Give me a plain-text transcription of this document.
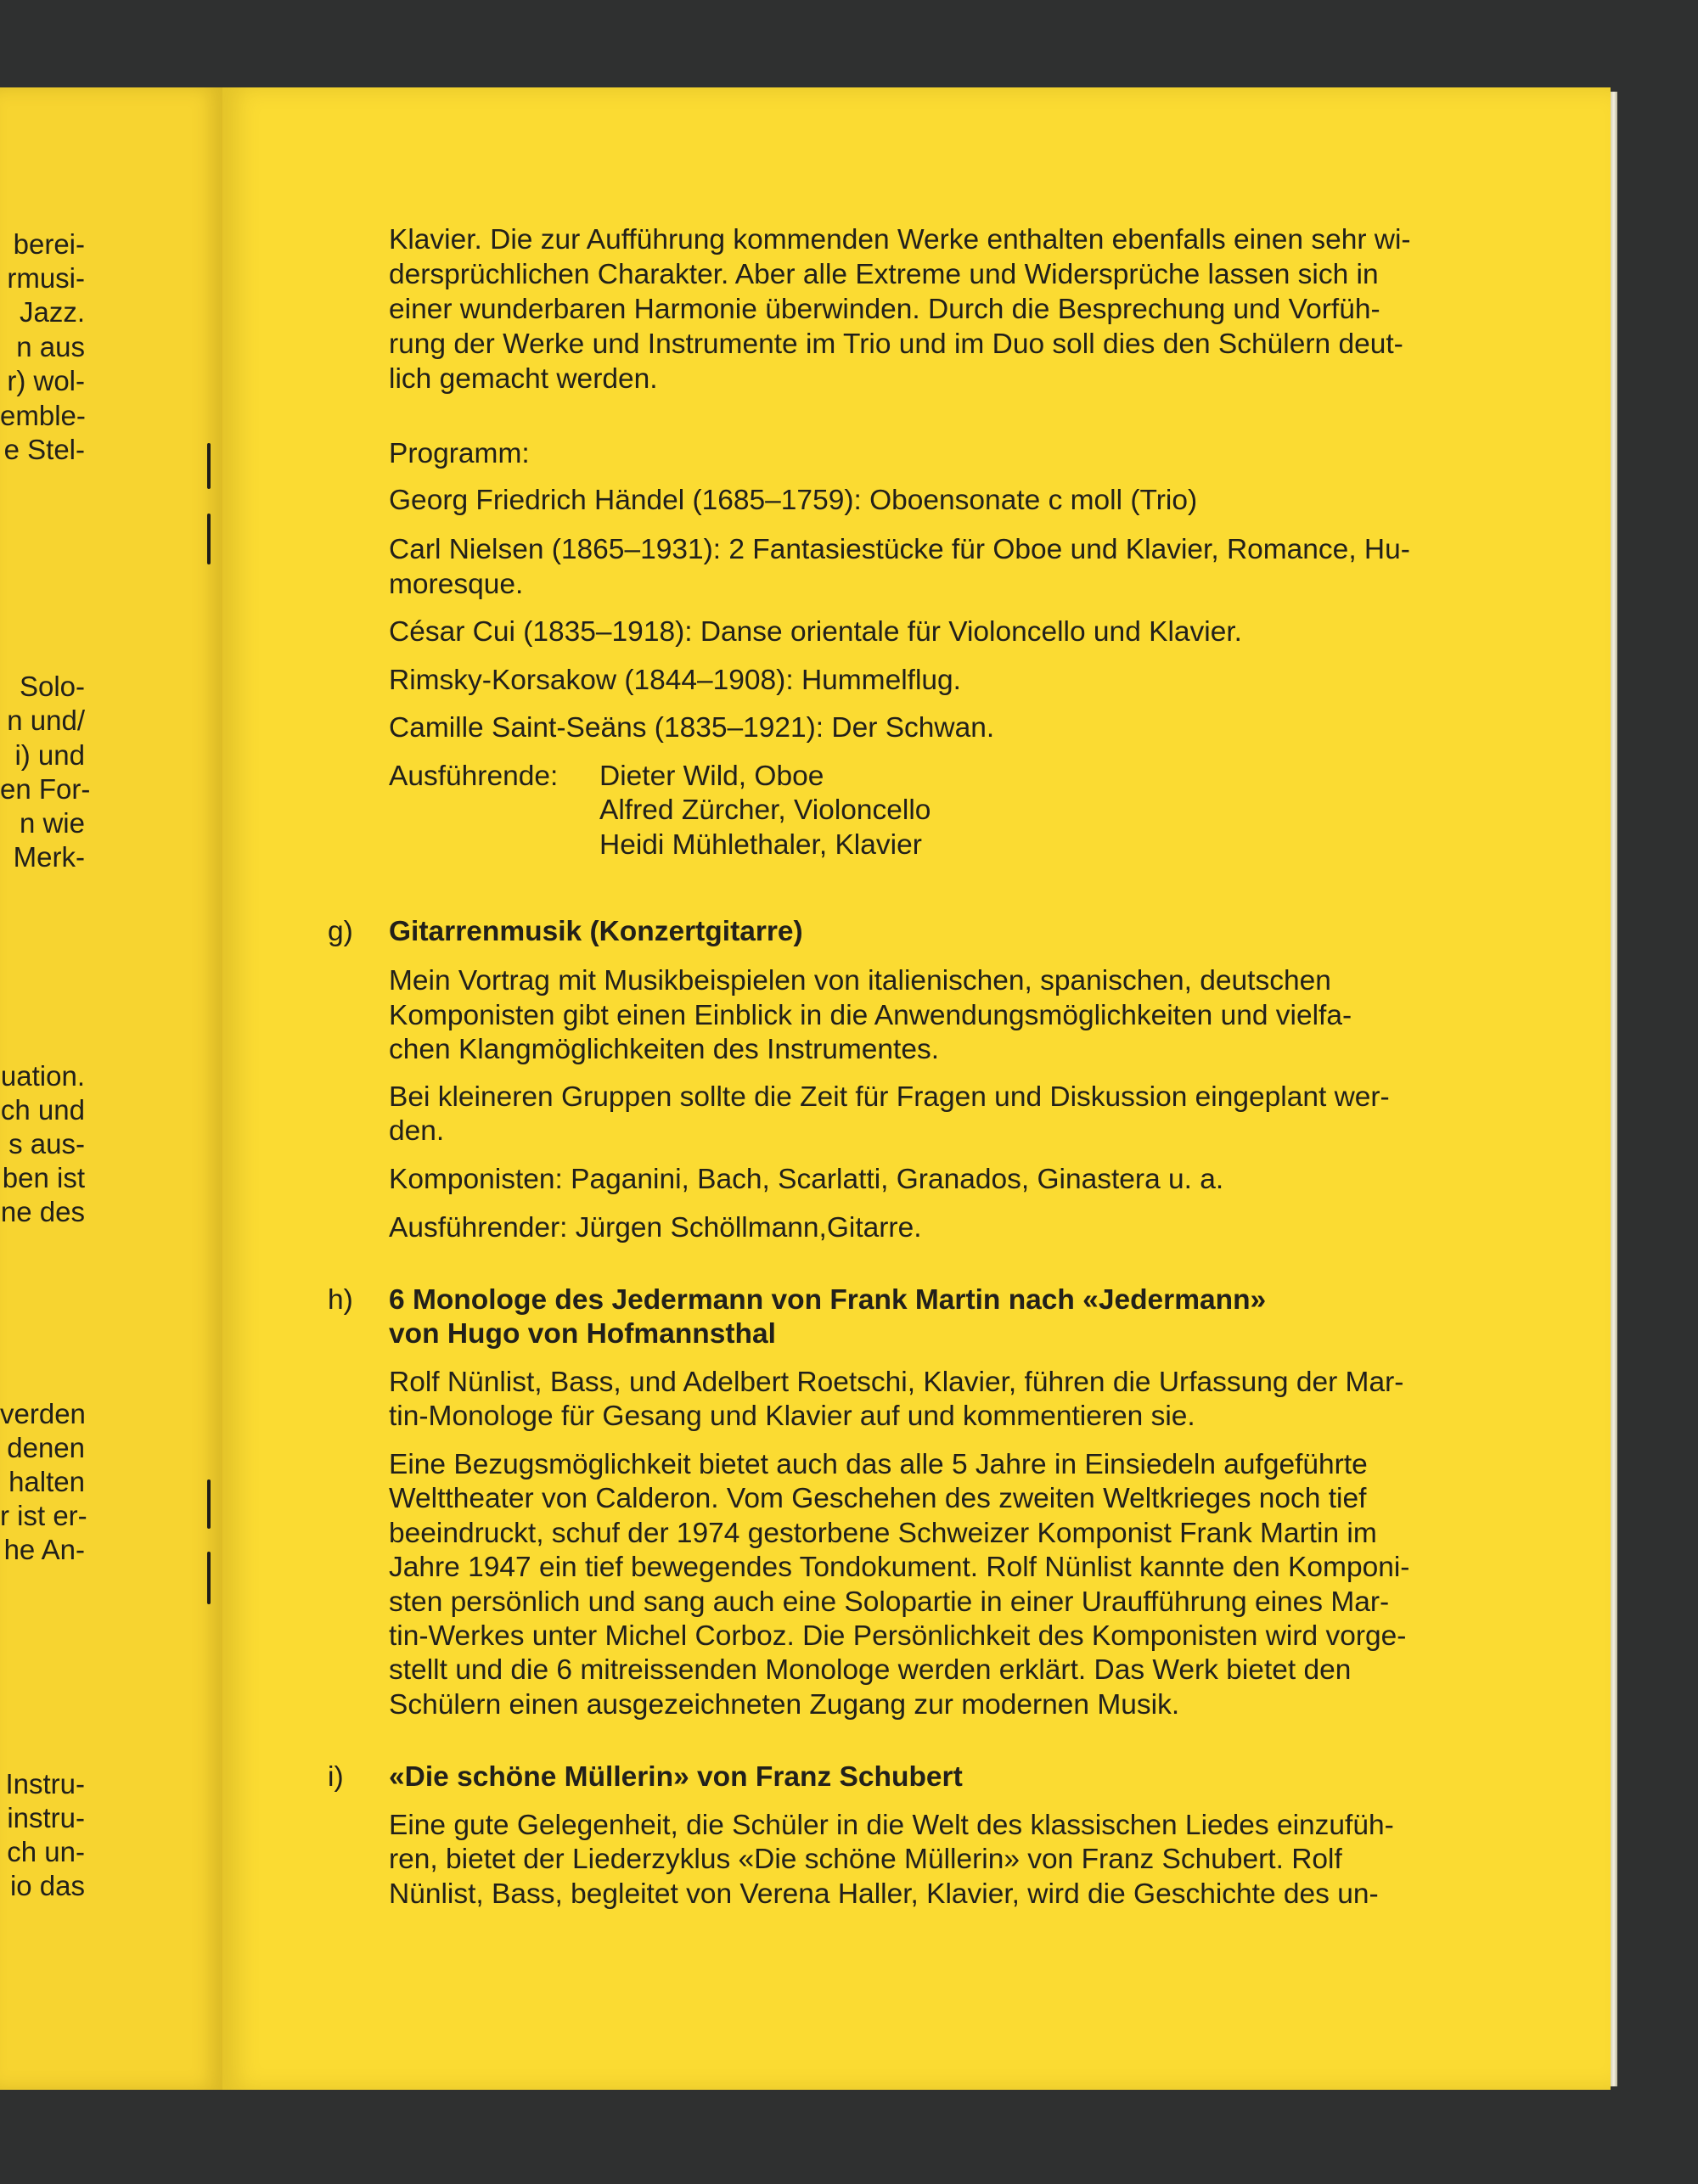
berei-
rmusi-
Jazz.
n aus
r) wol-
emble-
e Stel-
Solo-
n und/
i) und
en For-
n wie
Merk-
uation.
ch und
s aus-
ben ist
ne des
verden
denen
halten
r ist er-
he An-
Instru-
instru-
ch un-
io das
Klavier. Die zur Aufführung kommenden Werke enthalten ebenfalls einen sehr wi-
dersprüchlichen Charakter. Aber alle Extreme und Widersprüche lassen sich in
einer wunderbaren Harmonie überwinden. Durch die Besprechung und Vorfüh-
rung der Werke und Instrumente im Trio und im Duo soll dies den Schülern deut-
lich gemacht werden.
Programm:
Georg Friedrich Händel (1685–1759): Oboensonate c moll (Trio)
Carl Nielsen (1865–1931): 2 Fantasiestücke für Oboe und Klavier, Romance, Hu-
moresque.
César Cui (1835–1918): Danse orientale für Violoncello und Klavier.
Rimsky-Korsakow (1844–1908): Hummelflug.
Camille Saint-Seäns (1835–1921): Der Schwan.
Ausführende: Dieter Wild, Oboe
Alfred Zürcher, Violoncello
Heidi Mühlethaler, Klavier
g) Gitarrenmusik (Konzertgitarre)
Mein Vortrag mit Musikbeispielen von italienischen, spanischen, deutschen
Komponisten gibt einen Einblick in die Anwendungsmöglichkeiten und vielfa-
chen Klangmöglichkeiten des Instrumentes.
Bei kleineren Gruppen sollte die Zeit für Fragen und Diskussion eingeplant wer-
den.
Komponisten: Paganini, Bach, Scarlatti, Granados, Ginastera u. a.
Ausführender: Jürgen Schöllmann,Gitarre.
h) 6 Monologe des Jedermann von Frank Martin nach «Jedermann»
von Hugo von Hofmannsthal
Rolf Nünlist, Bass, und Adelbert Roetschi, Klavier, führen die Urfassung der Mar-
tin-Monologe für Gesang und Klavier auf und kommentieren sie.
Eine Bezugsmöglichkeit bietet auch das alle 5 Jahre in Einsiedeln aufgeführte
Welttheater von Calderon. Vom Geschehen des zweiten Weltkrieges noch tief
beeindruckt, schuf der 1974 gestorbene Schweizer Komponist Frank Martin im
Jahre 1947 ein tief bewegendes Tondokument. Rolf Nünlist kannte den Komponi-
sten persönlich und sang auch eine Solopartie in einer Uraufführung eines Mar-
tin-Werkes unter Michel Corboz. Die Persönlichkeit des Komponisten wird vorge-
stellt und die 6 mitreissenden Monologe werden erklärt. Das Werk bietet den
Schülern einen ausgezeichneten Zugang zur modernen Musik.
i) «Die schöne Müllerin» von Franz Schubert
Eine gute Gelegenheit, die Schüler in die Welt des klassischen Liedes einzufüh-
ren, bietet der Liederzyklus «Die schöne Müllerin» von Franz Schubert. Rolf
Nünlist, Bass, begleitet von Verena Haller, Klavier, wird die Geschichte des un-
